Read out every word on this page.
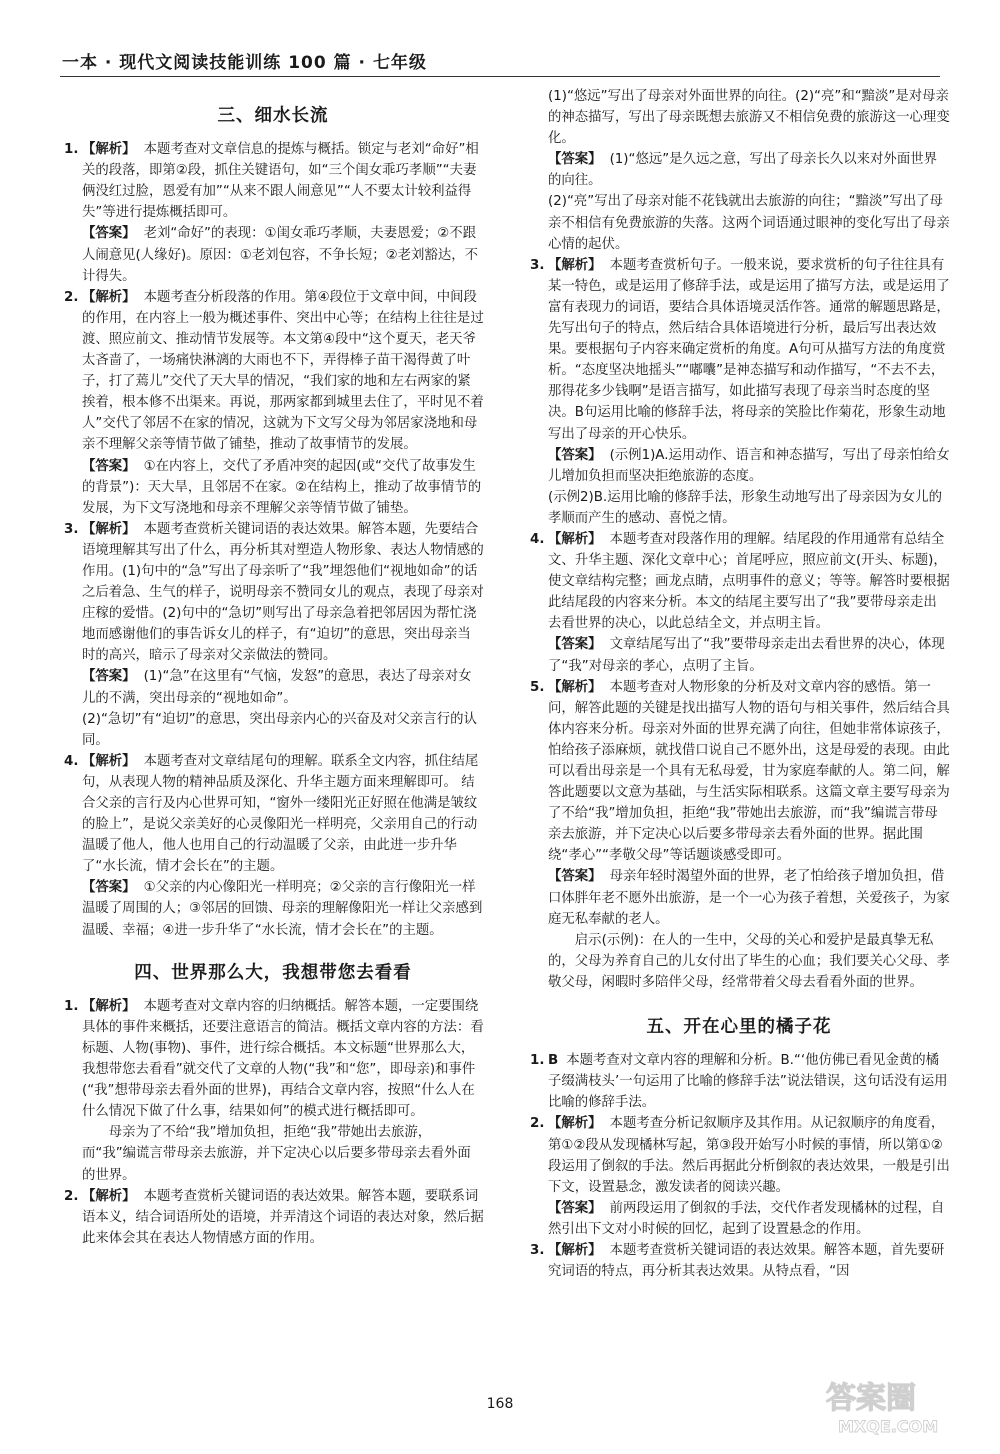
一本 · 现代文阅读技能训练 100 篇 · 七年级
三、细水长流
1. 【解析】 本题考查对文章信息的提炼与概括。锁定与老刘“命好”相关的段落，即第②段，抓住关键语句，如“三个闺女乖巧孝顺”“夫妻俩没红过脸，恩爱有加”“从来不跟人闹意见”“人不要太计较利益得失”等进行提炼概括即可。

【答案】 老刘“命好”的表现：①闺女乖巧孝顺，夫妻恩爱；②不跟人闹意见(人缘好)。原因：①老刘包容，不争长短；②老刘豁达，不计得失。

2. 【解析】 本题考查分析段落的作用。第④段位于文章中间，中间段的作用，在内容上一般为概述事件、突出中心等；在结构上往往是过渡、照应前文、推动情节发展等。本文第④段中“这个夏天，老天爷太吝啬了，一场痛快淋漓的大雨也不下，弄得棒子苗干渴得黄了叶子，打了蔫儿”交代了天大旱的情况，“我们家的地和左右两家的紧挨着，根本修不出渠来。再说，那两家都到城里去住了，平时见不着人”交代了邻居不在家的情况，这就为下文写父母为邻居家浇地和母亲不理解父亲等情节做了铺垫，推动了故事情节的发展。

【答案】 ①在内容上，交代了矛盾冲突的起因(或“交代了故事发生的背景”)：天大旱，且邻居不在家。②在结构上，推动了故事情节的发展，为下文写浇地和母亲不理解父亲等情节做了铺垫。

3. 【解析】 本题考查赏析关键词语的表达效果。解答本题，先要结合语境理解其写出了什么，再分析其对塑造人物形象、表达人物情感的作用。(1)句中的“急”写出了母亲听了“我”埋怨他们“视地如命”的话之后着急、生气的样子，说明母亲不赞同女儿的观点，表现了母亲对庄稼的爱惜。(2)句中的“急切”则写出了母亲急着把邻居因为帮忙浇地而感谢他们的事告诉女儿的样子，有“迫切”的意思，突出母亲当时的高兴，暗示了母亲对父亲做法的赞同。

【答案】 (1)“急”在这里有“气恼，发怒”的意思，表达了母亲对女儿的不满，突出母亲的“视地如命”。

(2)“急切”有“迫切”的意思，突出母亲内心的兴奋及对父亲言行的认同。

4. 【解析】 本题考查对文章结尾句的理解。联系全文内容，抓住结尾句，从表现人物的精神品质及深化、升华主题方面来理解即可。 结合父亲的言行及内心世界可知，“窗外一缕阳光正好照在他满是皱纹的脸上”，是说父亲美好的心灵像阳光一样明亮，父亲用自己的行动温暖了他人，他人也用自己的行动温暖了父亲，由此进一步升华了“水长流，情才会长在”的主题。

【答案】 ①父亲的内心像阳光一样明亮；②父亲的言行像阳光一样温暖了周围的人；③邻居的回馈、母亲的理解像阳光一样让父亲感到温暖、幸福；④进一步升华了“水长流，情才会长在”的主题。

四、世界那么大，我想带您去看看
1. 【解析】 本题考查对文章内容的归纳概括。解答本题，一定要围绕具体的事件来概括，还要注意语言的简洁。概括文章内容的方法：看标题、人物(事物)、事件，进行综合概括。本文标题“世界那么大，我想带您去看看”就交代了文章的人物(“我”和“您”，即母亲)和事件(“我”想带母亲去看外面的世界)，再结合文章内容，按照“什么人在什么情况下做了什么事，结果如何”的模式进行概括即可。

母亲为了不给“我”增加负担，拒绝“我”带她出去旅游，而“我”编谎言带母亲去旅游，并下定决心以后要多带母亲去看外面的世界。

2. 【解析】 本题考查赏析关键词语的表达效果。解答本题，要联系词语本义，结合词语所处的语境，并弄清这个词语的表达对象，然后据此来体会其在表达人物情感方面的作用。

(1)“悠远”写出了母亲对外面世界的向往。(2)“亮”和“黯淡”是对母亲的神态描写，写出了母亲既想去旅游又不相信免费的旅游这一心理变化。

【答案】 (1)“悠远”是久远之意，写出了母亲长久以来对外面世界的向往。

(2)“亮”写出了母亲对能不花钱就出去旅游的向往；“黯淡”写出了母亲不相信有免费旅游的失落。这两个词语通过眼神的变化写出了母亲心情的起伏。

3. 【解析】 本题考查赏析句子。一般来说，要求赏析的句子往往具有某一特色，或是运用了修辞手法，或是运用了描写方法，或是运用了富有表现力的词语，要结合具体语境灵活作答。通常的解题思路是，先写出句子的特点，然后结合具体语境进行分析，最后写出表达效果。要根据句子内容来确定赏析的角度。A句可从描写方法的角度赏析。“态度坚决地摇头”“嘟囔”是神态描写和动作描写，“不去不去，那得花多少钱啊”是语言描写，如此描写表现了母亲当时态度的坚决。B句运用比喻的修辞手法，将母亲的笑脸比作菊花，形象生动地写出了母亲的开心快乐。

【答案】 (示例1)A.运用动作、语言和神态描写，写出了母亲怕给女儿增加负担而坚决拒绝旅游的态度。

(示例2)B.运用比喻的修辞手法，形象生动地写出了母亲因为女儿的孝顺而产生的感动、喜悦之情。

4. 【解析】 本题考查对段落作用的理解。结尾段的作用通常有总结全文、升华主题、深化文章中心；首尾呼应，照应前文(开头、标题)，使文章结构完整；画龙点睛，点明事件的意义；等等。解答时要根据此结尾段的内容来分析。本文的结尾主要写出了“我”要带母亲走出去看世界的决心，以此总结全文，并点明主旨。

【答案】 文章结尾写出了“我”要带母亲走出去看世界的决心，体现了“我”对母亲的孝心，点明了主旨。

5. 【解析】 本题考查对人物形象的分析及对文章内容的感悟。第一问，解答此题的关键是找出描写人物的语句与相关事件，然后结合具体内容来分析。母亲对外面的世界充满了向往，但她非常体谅孩子，怕给孩子添麻烦，就找借口说自己不愿外出，这是母爱的表现。由此可以看出母亲是一个具有无私母爱，甘为家庭奉献的人。第二问，解答此题要以文意为基础，与生活实际相联系。这篇文章主要写母亲为了不给“我”增加负担，拒绝“我”带她出去旅游，而“我”编谎言带母亲去旅游，并下定决心以后要多带母亲去看外面的世界。据此围绕“孝心”“孝敬父母”等话题谈感受即可。

【答案】 母亲年轻时渴望外面的世界，老了怕给孩子增加负担，借口体胖年老不愿外出旅游，是一个一心为孩子着想，关爱孩子，为家庭无私奉献的老人。

启示(示例)：在人的一生中，父母的关心和爱护是最真挚无私的，父母为养育自己的儿女付出了毕生的心血；我们要关心父母、孝敬父母，闲暇时多陪伴父母，经常带着父母去看看外面的世界。

五、开在心里的橘子花
1. B 本题考查对文章内容的理解和分析。B.“‘他仿佛已看见金黄的橘子缀满枝头’一句运用了比喻的修辞手法”说法错误，这句话没有运用比喻的修辞手法。

2. 【解析】 本题考查分析记叙顺序及其作用。从记叙顺序的角度看，第①②段从发现橘林写起，第③段开始写小时候的事情，所以第①②段运用了倒叙的手法。然后再据此分析倒叙的表达效果，一般是引出下文，设置悬念，激发读者的阅读兴趣。

【答案】 前两段运用了倒叙的手法，交代作者发现橘林的过程，自然引出下文对小时候的回忆，起到了设置悬念的作用。

3. 【解析】 本题考查赏析关键词语的表达效果。解答本题，首先要研究词语的特点，再分析其表达效果。从特点看，“因

168	答案圈
MXQE.COM
